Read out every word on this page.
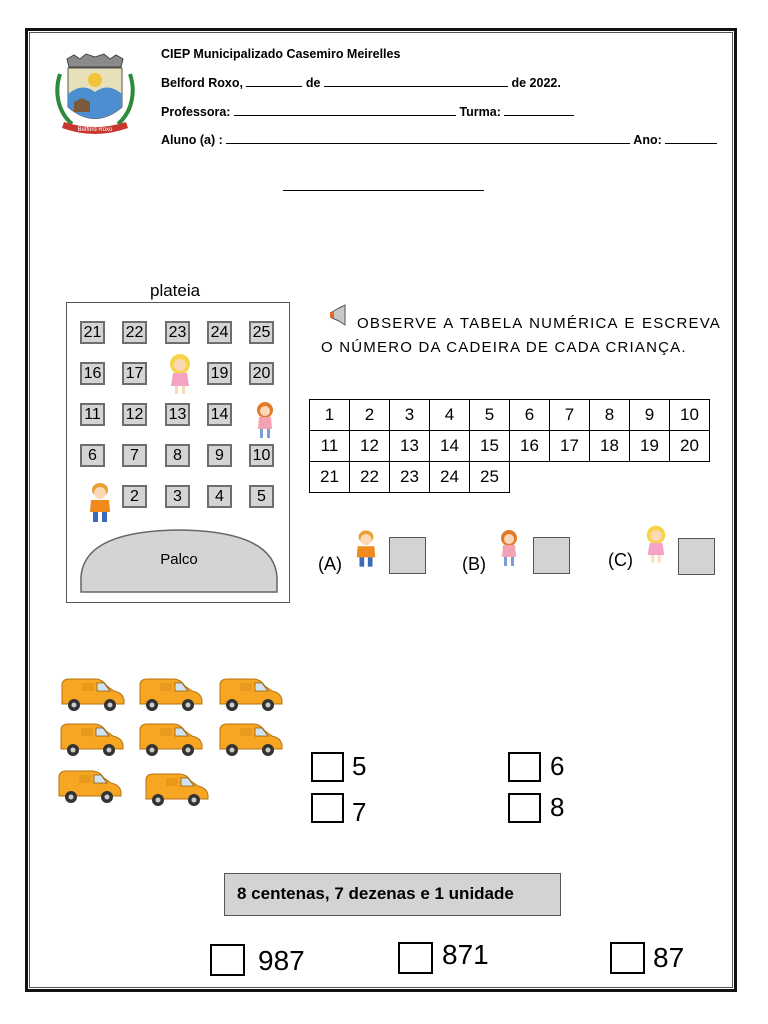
Belford Roxo
CIEP Municipalizado Casemiro Meirelles
Belford Roxo,	de	de 2022.
Professora:	Turma:
Aluno (a) :	Ano:
plateia
21 22 23 24 25
16 17	19 20
11 12 13 14
6	7	8	9	10
2	3	4	5
Palco
OBSERVE A TABELA NUMÉRICA E ESCREVA O NÚMERO DA CADEIRA DE CADA CRIANÇA.
1	2	3	4	5	6	7	8	9	10
11	12	13	14	15	16	17	18	19	20
21	22	23	24	25					
(A)	(B)	(C)
5	6
7	8
8 centenas, 7 dezenas e 1 unidade
987	871	87
